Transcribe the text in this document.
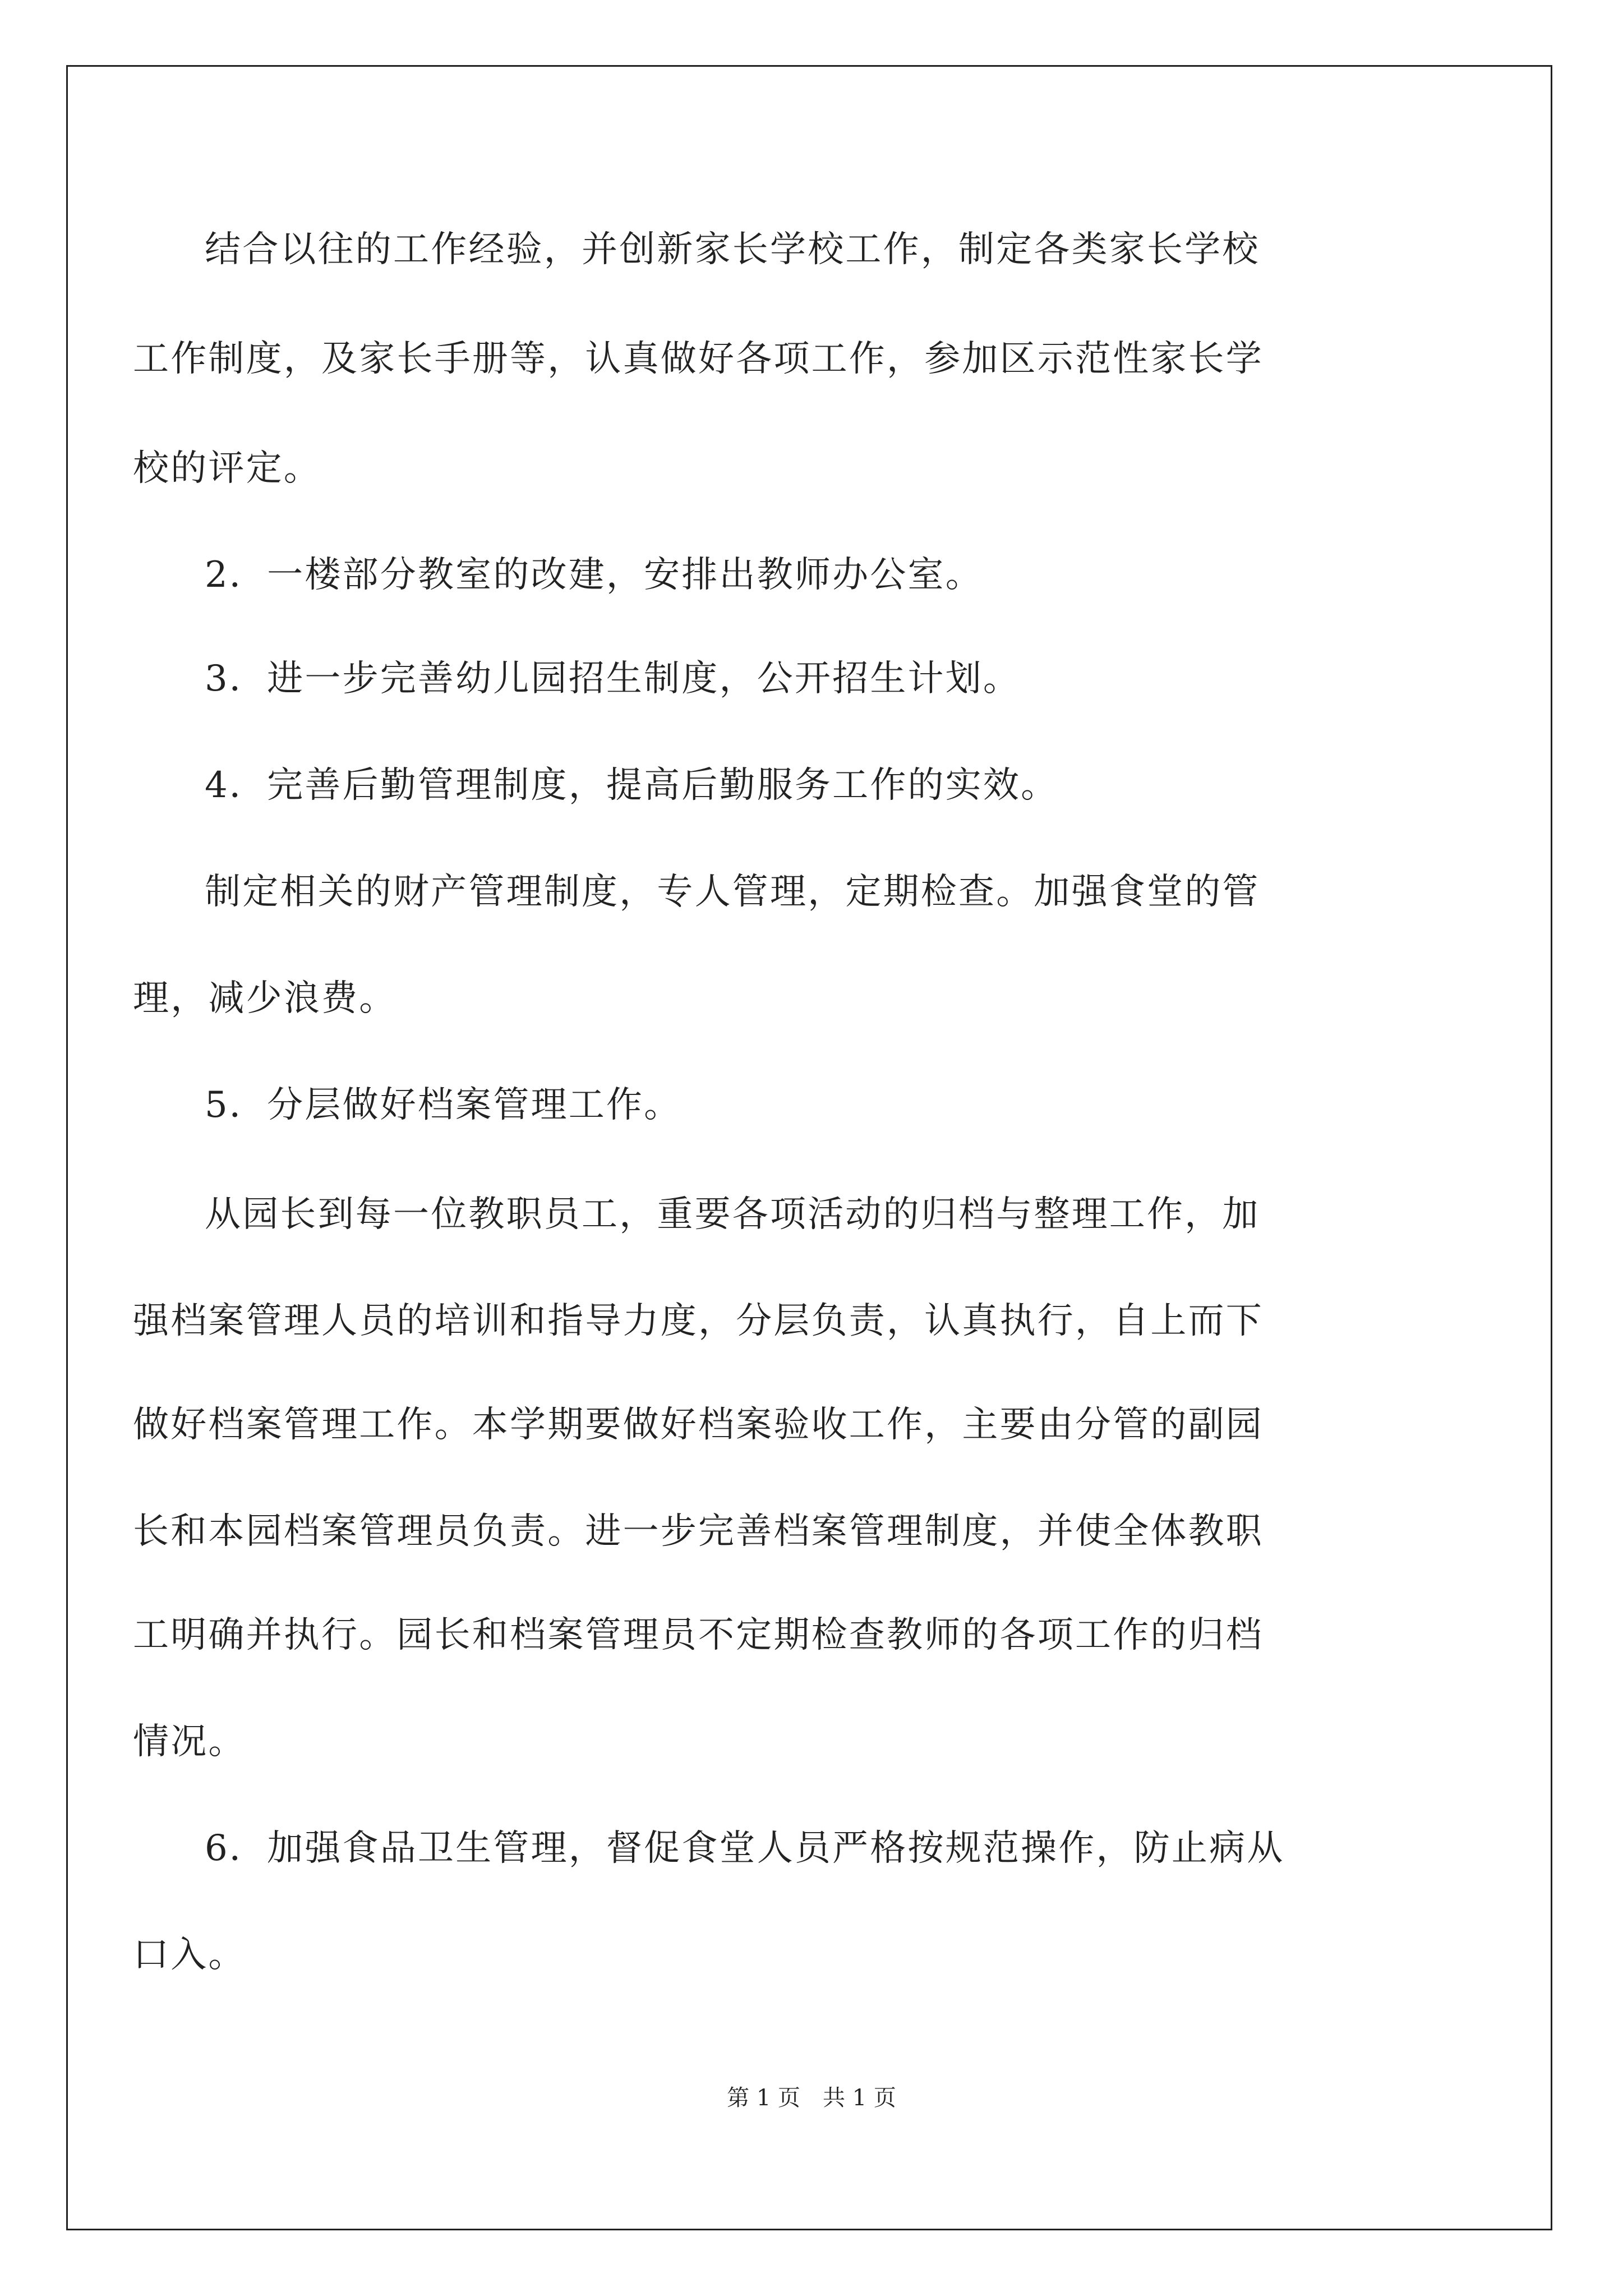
结合以往的工作经验，并创新家长学校工作，制定各类家长学校
工作制度，及家长手册等，认真做好各项工作，参加区示范性家长学
校的评定。
2．一楼部分教室的改建，安排出教师办公室。
3．进一步完善幼儿园招生制度，公开招生计划。
4．完善后勤管理制度，提高后勤服务工作的实效。
制定相关的财产管理制度，专人管理，定期检查。加强食堂的管
理，减少浪费。
5．分层做好档案管理工作。
从园长到每一位教职员工，重要各项活动的归档与整理工作，加
强档案管理人员的培训和指导力度，分层负责，认真执行，自上而下
做好档案管理工作。本学期要做好档案验收工作，主要由分管的副园
长和本园档案管理员负责。进一步完善档案管理制度，并使全体教职
工明确并执行。园长和档案管理员不定期检查教师的各项工作的归档
情况。
6．加强食品卫生管理，督促食堂人员严格按规范操作，防止病从
口入。
第 1 页　共 1 页
